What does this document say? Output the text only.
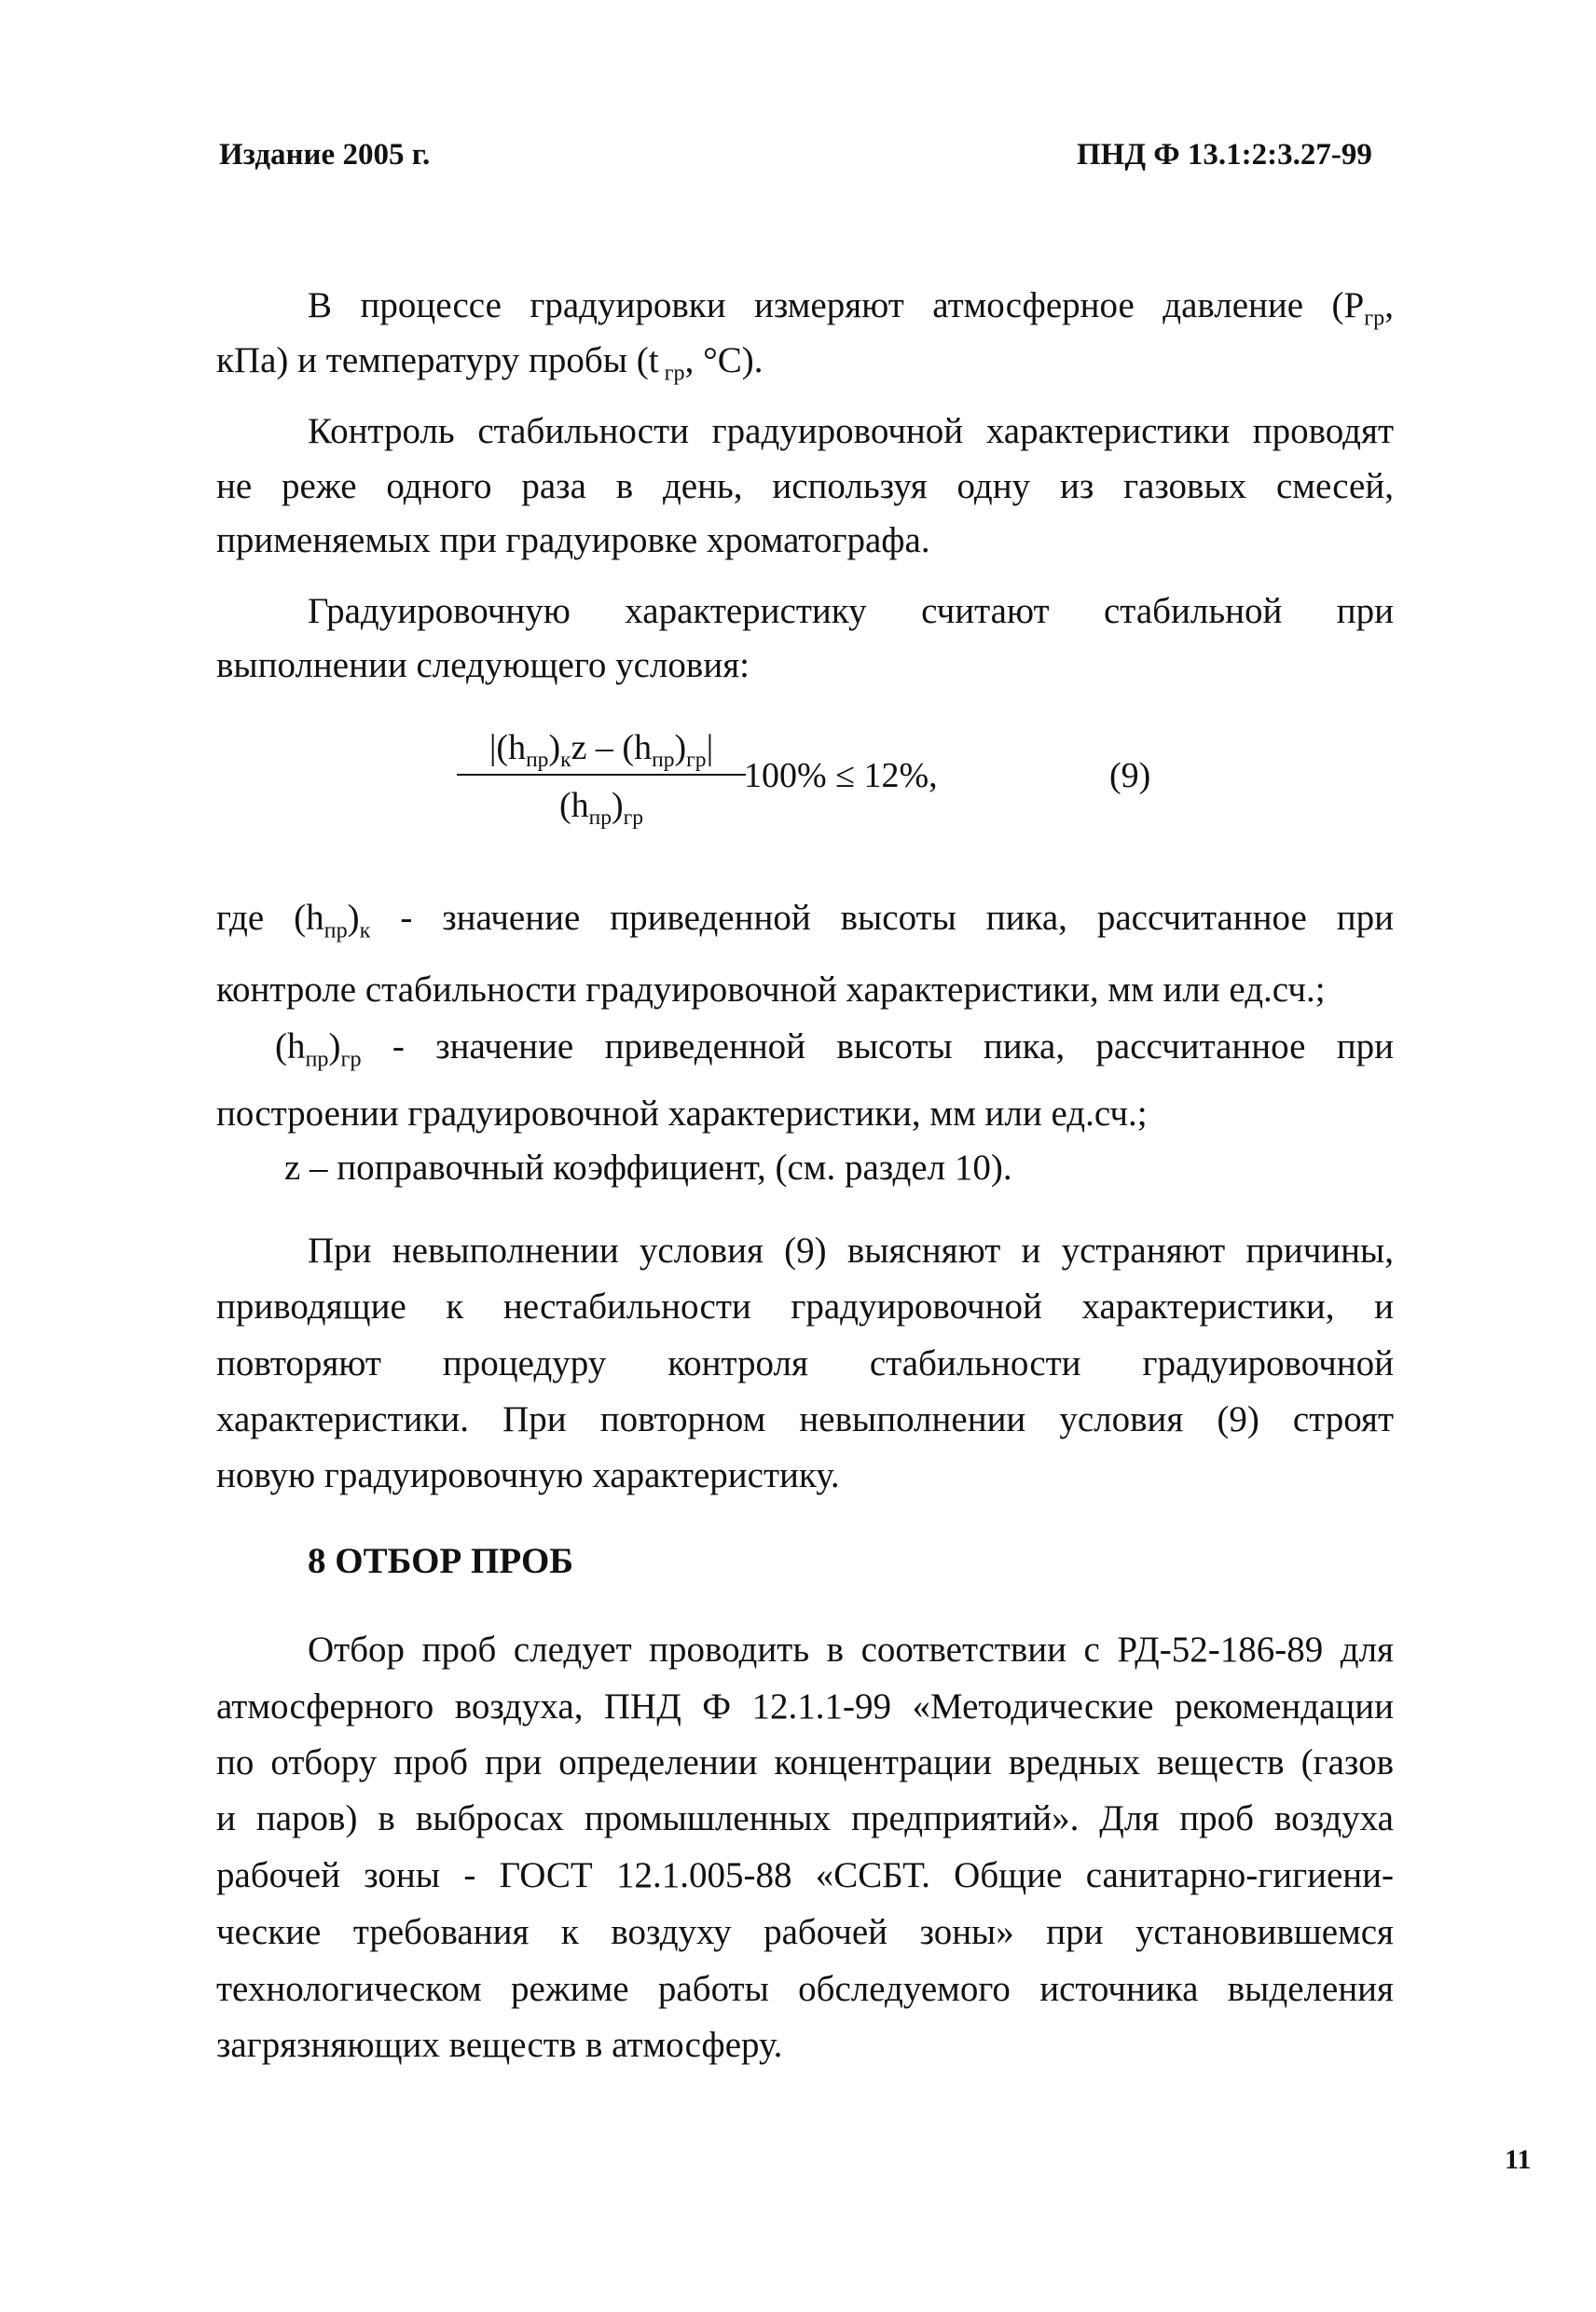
Издание 2005 г.	ПНД Ф 13.1:2:3.27-99
В процессе градуировки измеряют атмосферное давление ($P_{гр}$,
кПа) и температуру пробы (t $_{гр}$, °С).
Контроль стабильности градуировочной характеристики проводят
не реже одного раза в день, используя одну из газовых смесей,
применяемых при градуировке хроматографа.
Градуировочную характеристику считают стабильной при
выполнении следующего условия:
$|(h_{пр})_кz - (h_{пр})_{гр}|$
$(h_{пр})_{гр}$
100% ≤ 12%,	(9)
где $(h_{пр})_к$ - значение приведенной высоты пика, рассчитанное при
контроле стабильности градуировочной характеристики, мм или ед.сч.;
$(h_{пр})_{гр}$ - значение приведенной высоты пика, рассчитанное при
построении градуировочной характеристики, мм или ед.сч.;
z – поправочный коэффициент, (см. раздел 10).
При невыполнении условия (9) выясняют и устраняют причины,
приводящие к нестабильности градуировочной характеристики, и
повторяют процедуру контроля стабильности градуировочной
характеристики. При повторном невыполнении условия (9) строят
новую градуировочную характеристику.
8 ОТБОР ПРОБ
Отбор проб следует проводить в соответствии с РД-52-186-89 для
атмосферного воздуха, ПНД Ф 12.1.1-99 «Методические рекомендации
по отбору проб при определении концентрации вредных веществ (газов
и паров) в выбросах промышленных предприятий». Для проб воздуха
рабочей зоны - ГОСТ 12.1.005-88 «ССБТ. Общие санитарно-гигиени-
ческие требования к воздуху рабочей зоны» при установившемся
технологическом режиме работы обследуемого источника выделения
загрязняющих веществ в атмосферу.
11
